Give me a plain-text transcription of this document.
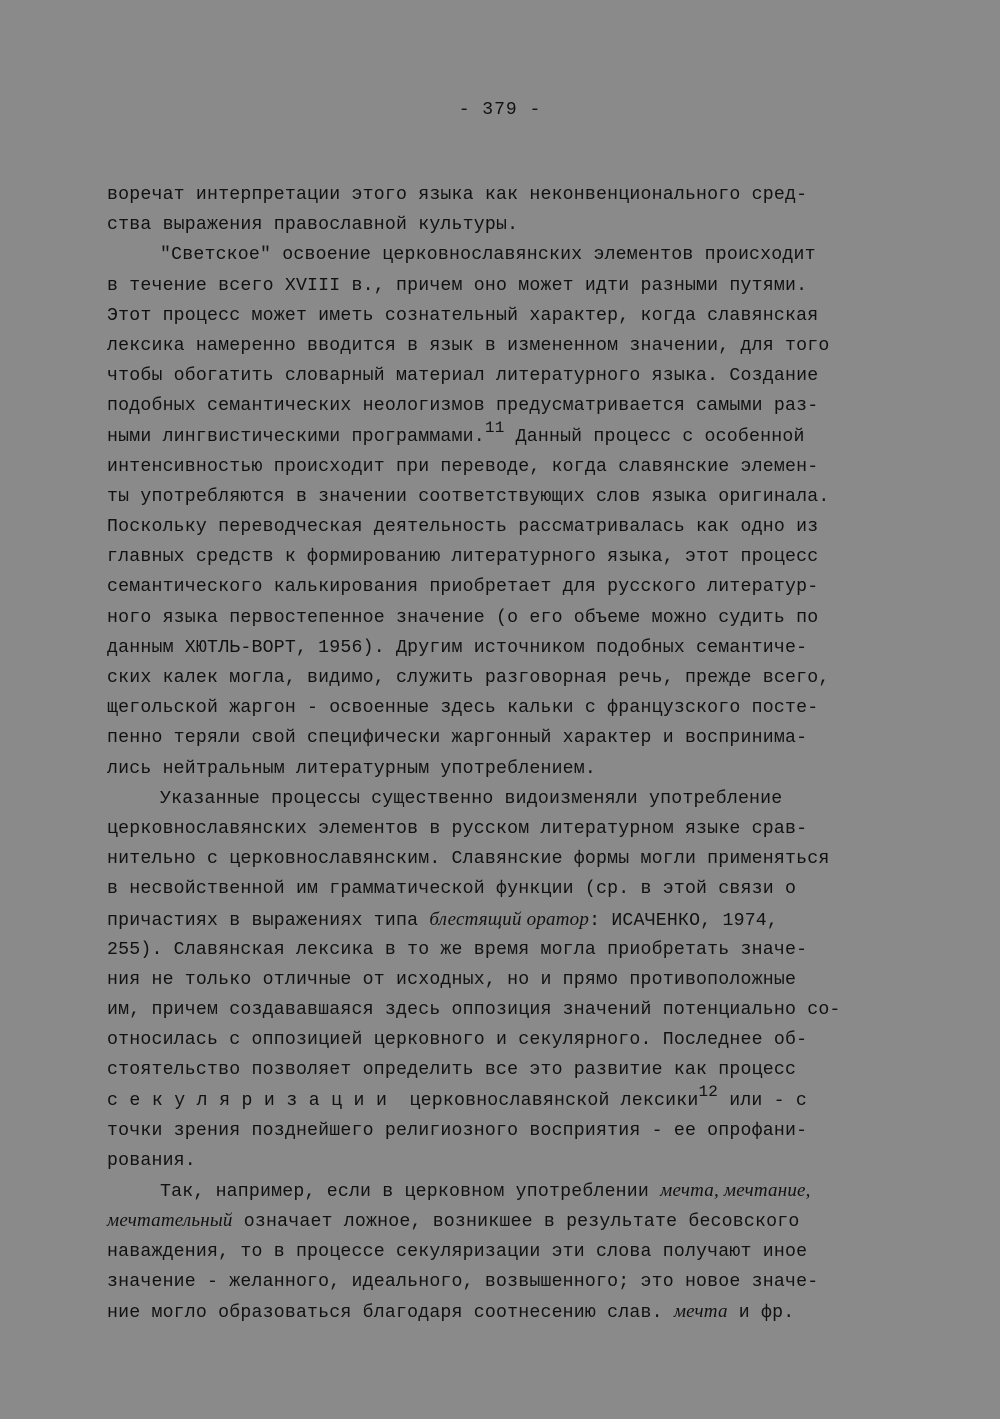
- 379 -
воречат интерпретации этого языка как неконвенционального сред-
ства выражения православной культуры.
"Светское" освоение церковнославянских элементов происходит
в течение всего XVIII в., причем оно может идти разными путями.
Этот процесс может иметь сознательный характер, когда славянская
лексика намеренно вводится в язык в измененном значении, для того
чтобы обогатить словарный материал литературного языка. Создание
подобных семантических неологизмов предусматривается самыми раз-
ными лингвистическими программами.$^{11}$ Данный процесс с особенной
интенсивностью происходит при переводе, когда славянские элемен-
ты употребляются в значении соответствующих слов языка оригинала.
Поскольку переводческая деятельность рассматривалась как одно из
главных средств к формированию литературного языка, этот процесс
семантического калькирования приобретает для русского литератур-
ного языка первостепенное значение (о его объеме можно судить по
данным ХЮТЛЬ-ВОРТ, 1956). Другим источником подобных семантиче-
ских калек могла, видимо, служить разговорная речь, прежде всего,
щегольской жаргон - освоенные здесь кальки с французского посте-
пенно теряли свой специфически жаргонный характер и воспринима-
лись нейтральным литературным употреблением.
Указанные процессы существенно видоизменяли употребление
церковнославянских элементов в русском литературном языке срав-
нительно с церковнославянским. Славянские формы могли применяться
в несвойственной им грамматической функции (ср. в этой связи о
причастиях в выражениях типа блестящий оратор: ИСАЧЕНКО, 1974,
255). Славянская лексика в то же время могла приобретать значе-
ния не только отличные от исходных, но и прямо противоположные
им, причем создававшаяся здесь оппозиция значений потенциально со-
относилась с оппозицией церковного и секулярного. Последнее об-
стоятельство позволяет определить все это развитие как процесс
секуляризации церковнославянской лексики$^{12}$ или - с
точки зрения позднейшего религиозного восприятия - ее опрофани-
рования.
Так, например, если в церковном употреблении мечта, мечтание,
мечтательный означает ложное, возникшее в результате бесовского
наваждения, то в процессе секуляризации эти слова получают иное
значение - желанного, идеального, возвышенного; это новое значе-
ние могло образоваться благодаря соотнесению слав. мечта и фр.
